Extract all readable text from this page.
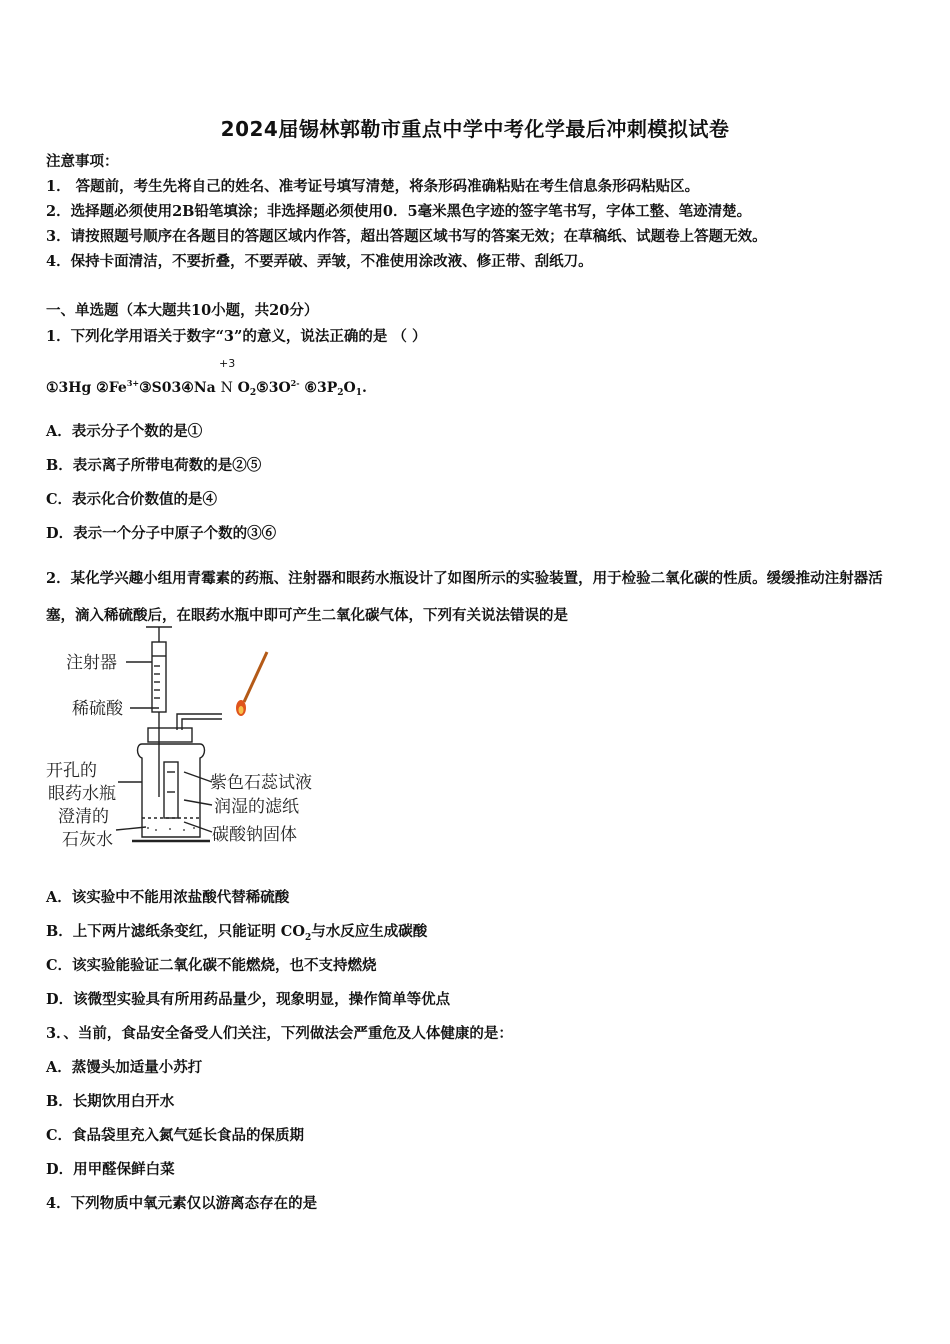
2024届锡林郭勒市重点中学中考化学最后冲刺模拟试卷
注意事项：
1． 答题前，考生先将自己的姓名、准考证号填写清楚，将条形码准确粘贴在考生信息条形码粘贴区。
2．选择题必须使用2B铅笔填涂；非选择题必须使用0．5毫米黑色字迹的签字笔书写，字体工整、笔迹清楚。
3．请按照题号顺序在各题目的答题区域内作答，超出答题区域书写的答案无效；在草稿纸、试题卷上答题无效。
4．保持卡面清洁，不要折叠，不要弄破、弄皱，不准使用涂改液、修正带、刮纸刀。
一、单选题（本大题共10小题，共20分）
1．下列化学用语关于数字“3”的意义，说法正确的是 （ ）
+3
①3Hg $②Fe^{3+}③S03④Na$ N $O_2⑤3O^{2-}$ $⑥3P_2O_1$.
A．表示分子个数的是①
B．表示离子所带电荷数的是②⑤
C．表示化合价数值的是④
D．表示一个分子中原子个数的③⑥
2．某化学兴趣小组用青霉素的药瓶、注射器和眼药水瓶设计了如图所示的实验装置，用于检验二氧化碳的性质。缓缓推动注射器活塞，滴入稀硫酸后，在眼药水瓶中即可产生二氧化碳气体，下列有关说法错误的是
注射器
稀硫酸
开孔的
眼药水瓶
澄清的
石灰水
紫色石蕊试液
润湿的滤纸
碳酸钠固体
A．该实验中不能用浓盐酸代替稀硫酸
B．上下两片滤纸条变红，只能证明 $CO_2$与水反应生成碳酸
C．该实验能验证二氧化碳不能燃烧，也不支持燃烧
D．该微型实验具有所用药品量少，现象明显，操作简单等优点
3．、当前，食品安全备受人们关注，下列做法会严重危及人体健康的是：
A．蒸馒头加适量小苏打
B．长期饮用白开水
C．食品袋里充入氮气延长食品的保质期
D．用甲醛保鲜白菜
4．下列物质中氧元素仅以游离态存在的是
